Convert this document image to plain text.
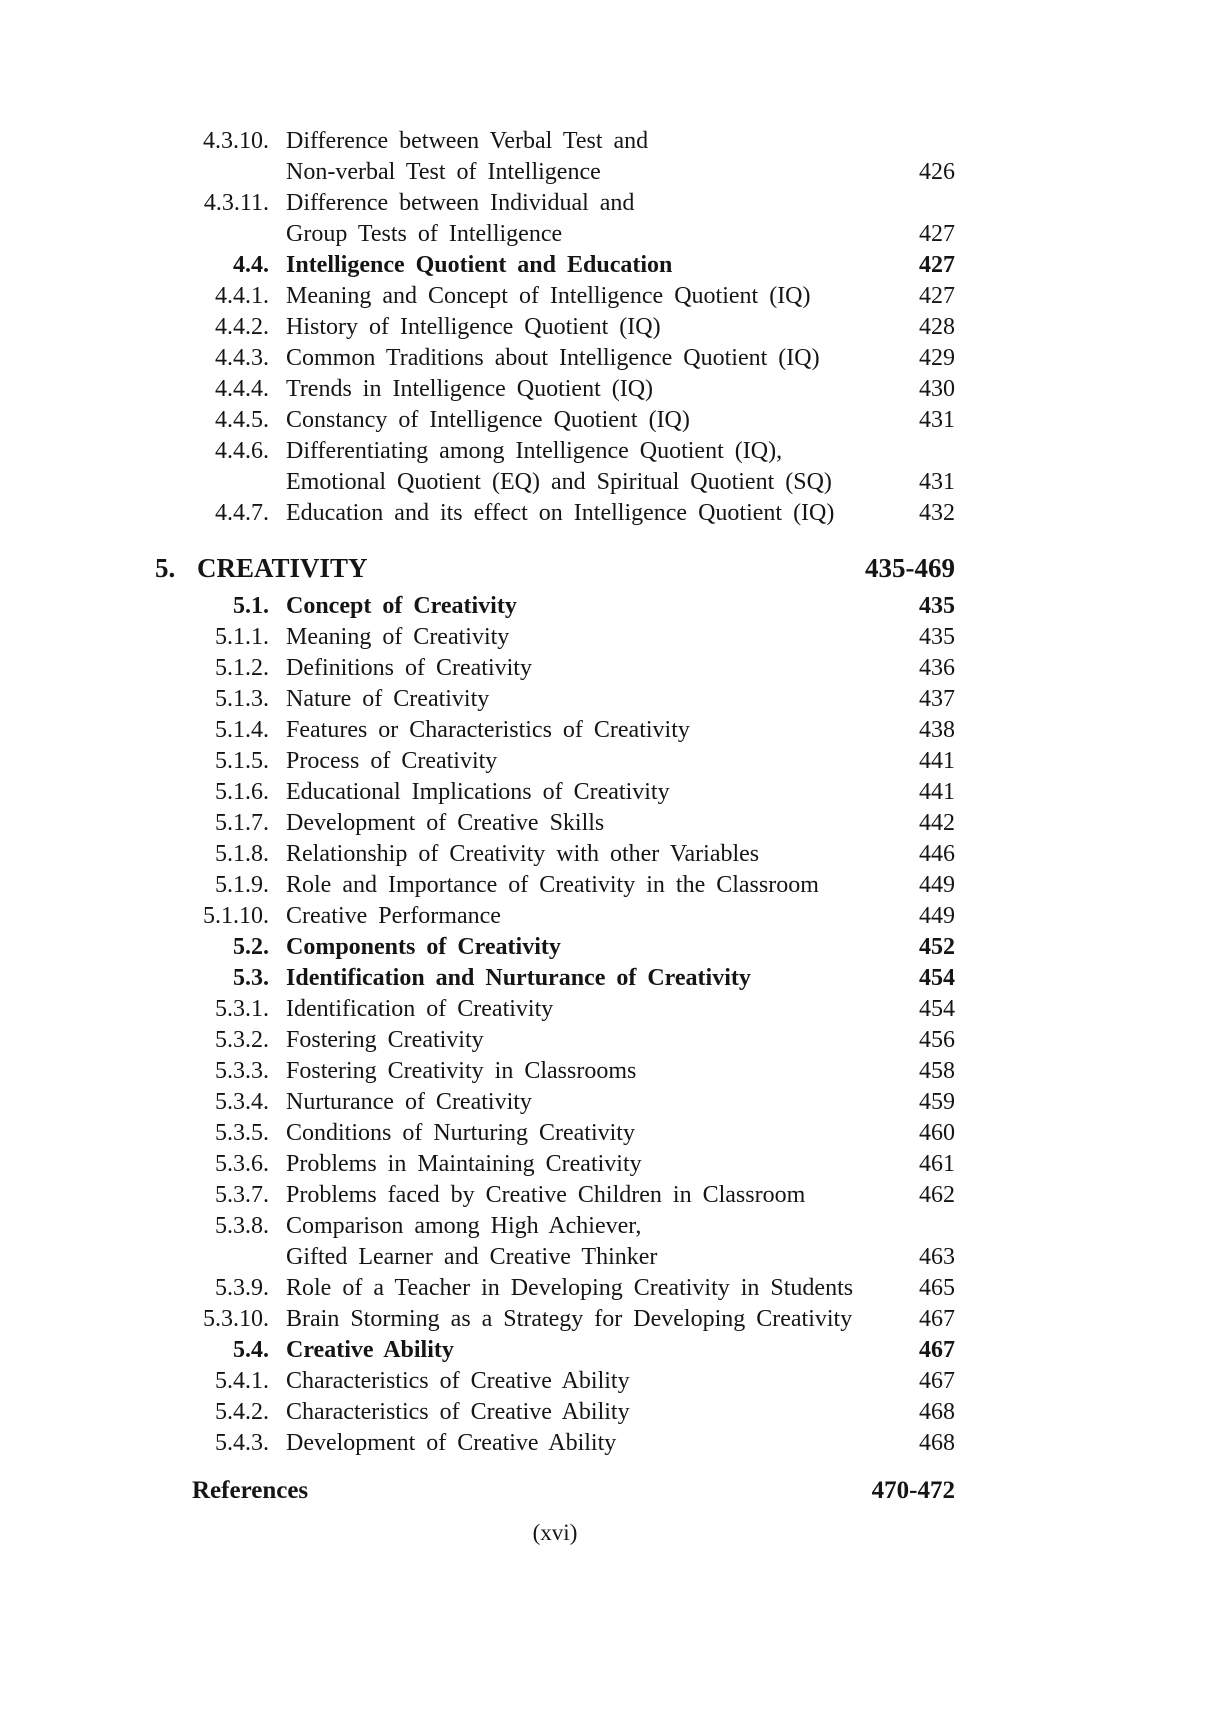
4.3.10. Difference between Verbal Test and
Non-verbal Test of Intelligence	426
4.3.11. Difference between Individual and
Group Tests of Intelligence	427
4.4. Intelligence Quotient and Education	427
4.4.1. Meaning and Concept of Intelligence Quotient (IQ)	427
4.4.2. History of Intelligence Quotient (IQ)	428
4.4.3. Common Traditions about Intelligence Quotient (IQ)	429
4.4.4. Trends in Intelligence Quotient (IQ)	430
4.4.5. Constancy of Intelligence Quotient (IQ)	431
4.4.6. Differentiating among Intelligence Quotient (IQ),
Emotional Quotient (EQ) and Spiritual Quotient (SQ)	431
4.4.7. Education and its effect on Intelligence Quotient (IQ)	432
5. CREATIVITY	435-469
5.1. Concept of Creativity	435
5.1.1. Meaning of Creativity	435
5.1.2. Definitions of Creativity	436
5.1.3. Nature of Creativity	437
5.1.4. Features or Characteristics of Creativity	438
5.1.5. Process of Creativity	441
5.1.6. Educational Implications of Creativity	441
5.1.7. Development of Creative Skills	442
5.1.8. Relationship of Creativity with other Variables	446
5.1.9. Role and Importance of Creativity in the Classroom	449
5.1.10. Creative Performance	449
5.2. Components of Creativity	452
5.3. Identification and Nurturance of Creativity	454
5.3.1. Identification of Creativity	454
5.3.2. Fostering Creativity	456
5.3.3. Fostering Creativity in Classrooms	458
5.3.4. Nurturance of Creativity	459
5.3.5. Conditions of Nurturing Creativity	460
5.3.6. Problems in Maintaining Creativity	461
5.3.7. Problems faced by Creative Children in Classroom	462
5.3.8. Comparison among High Achiever,
Gifted Learner and Creative Thinker	463
5.3.9. Role of a Teacher in Developing Creativity in Students	465
5.3.10. Brain Storming as a Strategy for Developing Creativity	467
5.4. Creative Ability	467
5.4.1. Characteristics of Creative Ability	467
5.4.2. Characteristics of Creative Ability	468
5.4.3. Development of Creative Ability	468
References	470-472
(xvi)
